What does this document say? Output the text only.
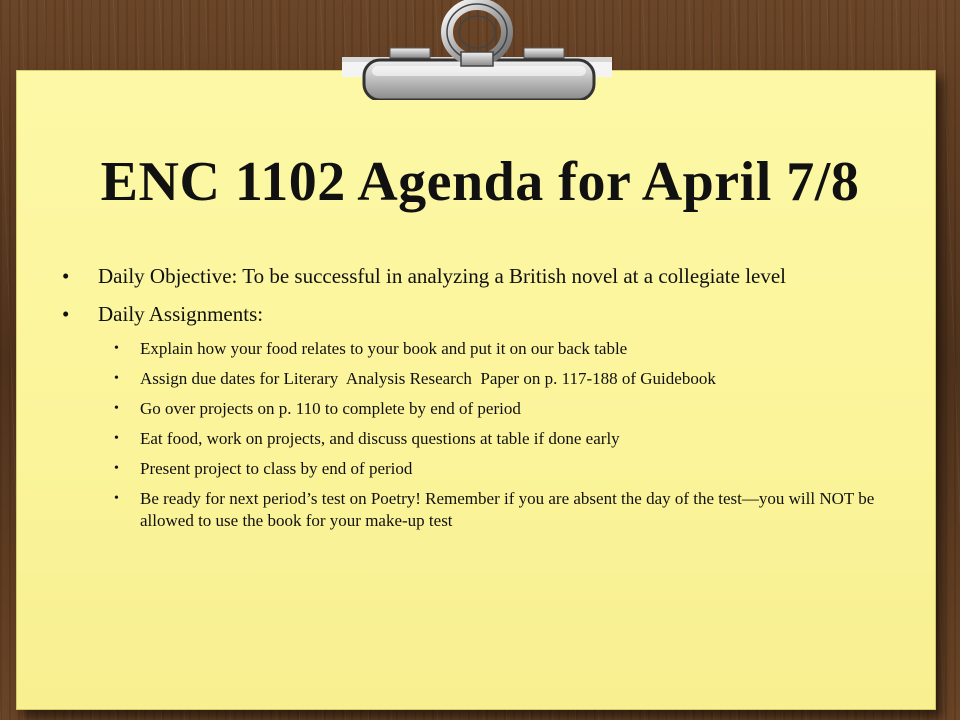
ENC 1102 Agenda for April 7/8
• Daily Objective: To be successful in analyzing a British novel at a collegiate level
• Daily Assignments:
• Explain how your food relates to your book and put it on our back table
• Assign due dates for Literary  Analysis Research  Paper on p. 117-188 of Guidebook
• Go over projects on p. 110 to complete by end of period
• Eat food, work on projects, and discuss questions at table if done early
• Present project to class by end of period
• Be ready for next period’s test on Poetry! Remember if you are absent the day of the test—you will NOT be allowed to use the book for your make-up test
